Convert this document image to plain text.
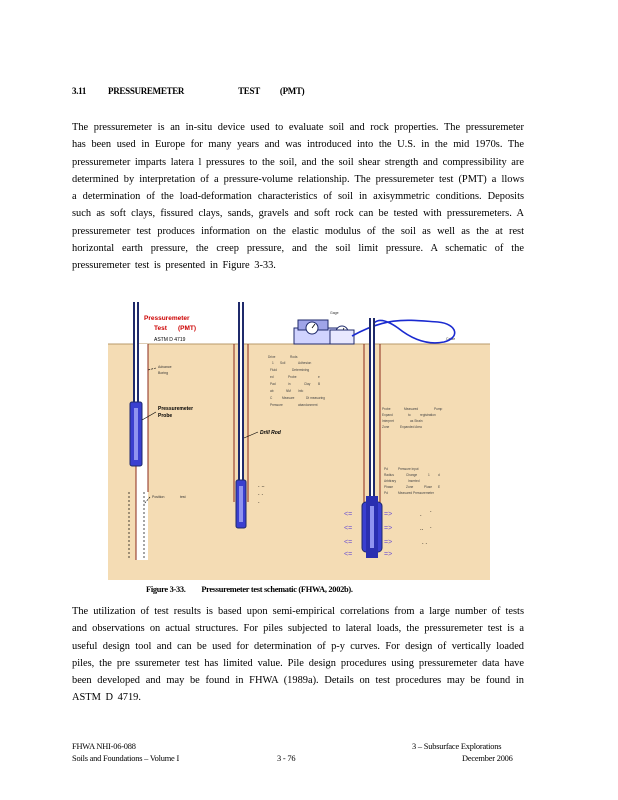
3.11 PRESSUREMETER	TEST (PMT)
The pressuremeter is an in-situ device used to evaluate soil and rock properties. The pressuremeter has been used in Europe for many years and was introduced into the U.S. in the mid 1970s. The pressuremeter imparts latera l pressures to the soil, and the soil shear strength and compressibility are determined by interpretation of a pressure-volume relationship. The pressuremeter test (PMT) a llows a determination of the load-deformation characteristics of soil in axisymmetric conditions. Deposits such as soft clays, fissured clays, sands, gravels and soft rock can be tested with pressuremeters. A pressuremeter test produces information on the elastic modulus of the soil as well as the at rest horizontal earth pressure, the creep pressure, and the soil limit pressure. A schematic of the pressuremeter test is presented in Figure 3-33.
Pressuremeter
Test (PMT)
ASTM D 4719
Advance
Boring
Pressuremeter
Probe
Position	test
Drill Rod
. ..
. .
.
Drive	Rods
1 Soil	Adhesion
Fluid	Determining
ed	Probe	e
Pad	in	Clay B
ab	NM Info
C	Measure	Dt measuring
Pressure	abandonment
Gage
Cable
<=
<=
<=
<=
=>
=>
=>
=>
.
.
.. .
. .
Probe	Measured	Pump
Expand	to	registration
Interpret	as Strain
Zone	Expanded Area
Pd	Pressure input
Radius	Change	1	d
Arbitrary	Inserted
Phase	Zone	Pluse E
Pd	Measured Pressuremeter
Figure 3-33. Pressuremeter test schematic (FHWA, 2002b).
The utilization of test results is based upon semi-empirical correlations from a large number of tests and observations on actual structures. For piles subjected to lateral loads, the pressuremeter test is a useful design tool and can be used for determination of p-y curves. For design of vertically loaded piles, the pre ssuremeter test has limited value. Pile design procedures using pressuremeter data have been developed and may be found in FHWA (1989a). Details on test procedures may be found in ASTM D 4719.
FHWA NHI-06-088
Soils and Foundations – Volume I	3 - 76
3 – Subsurface Explorations
December 2006
